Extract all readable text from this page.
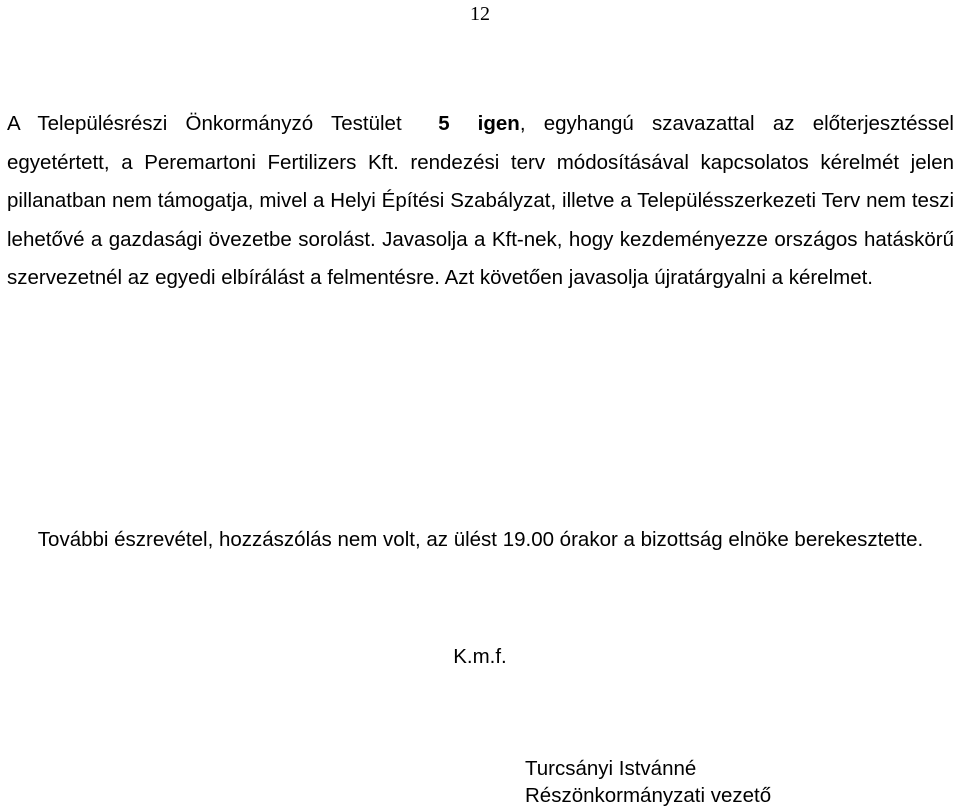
12

A Településrészi Önkormányzó Testület 5 igen, egyhangú szavazattal az előterjesztéssel egyetértett, a Peremartoni Fertilizers Kft. rendezési terv módosításával kapcsolatos kérelmét jelen pillanatban nem támogatja, mivel a Helyi Építési Szabályzat, illetve a Településszerkezeti Terv nem teszi lehetővé a gazdasági övezetbe sorolást. Javasolja a Kft-nek, hogy kezdeményezze országos hatáskörű szervezetnél az egyedi elbírálást a felmentésre. Azt követően javasolja újratárgyalni a kérelmet.

További észrevétel, hozzászólás nem volt, az ülést 19.00 órakor a bizottság elnöke berekesztette.

K.m.f.
Turcsányi Istvánné
Részönkormányzati vezető
